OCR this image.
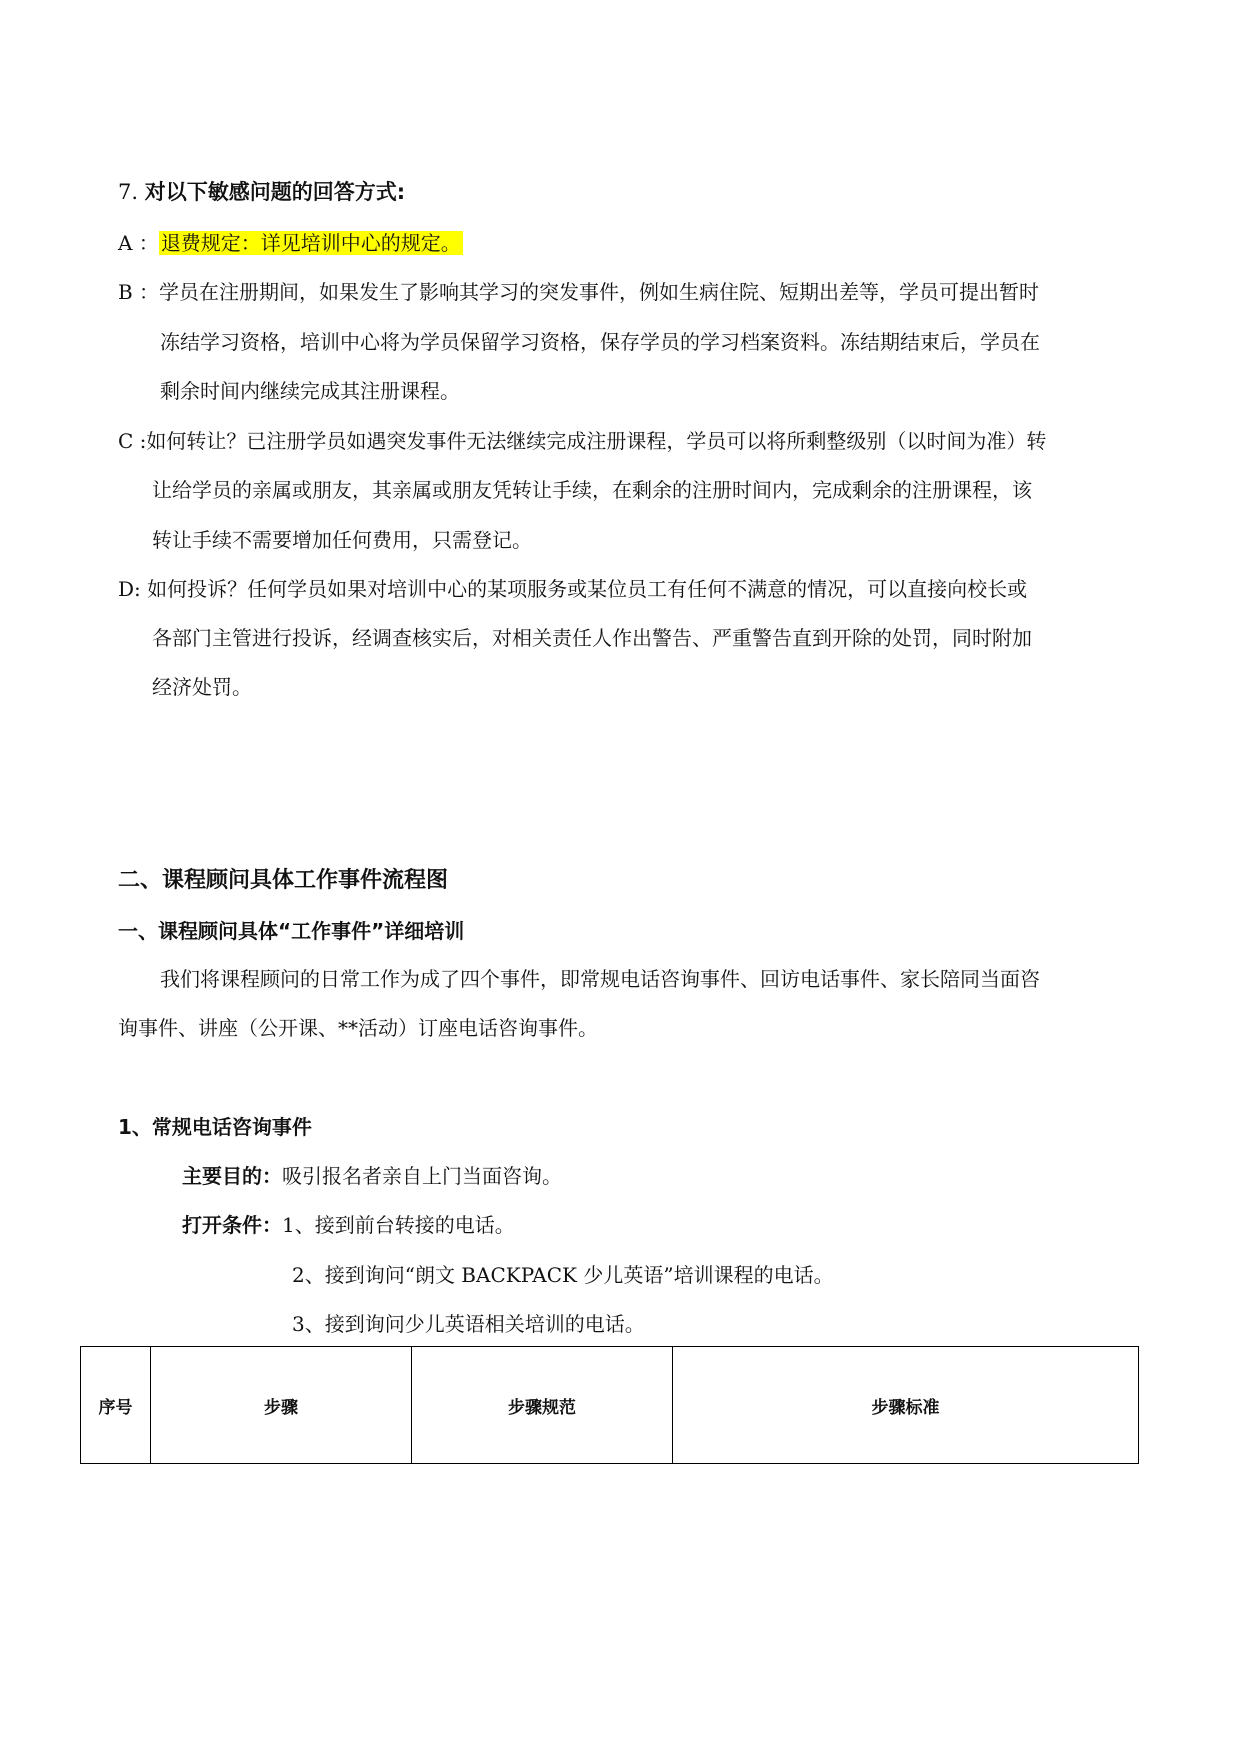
7. 对以下敏感问题的回答方式:
A ： 退费规定：详见培训中心的规定。
B ：学员在注册期间，如果发生了影响其学习的突发事件，例如生病住院、短期出差等，学员可提出暂时
冻结学习资格，培训中心将为学员保留学习资格，保存学员的学习档案资料。冻结期结束后，学员在
剩余时间内继续完成其注册课程。
C :如何转让？已注册学员如遇突发事件无法继续完成注册课程，学员可以将所剩整级别（以时间为准）转
让给学员的亲属或朋友，其亲属或朋友凭转让手续，在剩余的注册时间内，完成剩余的注册课程，该
转让手续不需要增加任何费用，只需登记。
D: 如何投诉？任何学员如果对培训中心的某项服务或某位员工有任何不满意的情况，可以直接向校长或
各部门主管进行投诉，经调查核实后，对相关责任人作出警告、严重警告直到开除的处罚，同时附加
经济处罚。
二、课程顾问具体工作事件流程图
一、课程顾问具体“工作事件”详细培训
我们将课程顾问的日常工作为成了四个事件，即常规电话咨询事件、回访电话事件、家长陪同当面咨
询事件、讲座（公开课、**活动）订座电话咨询事件。
1、常规电话咨询事件
主要目的：吸引报名者亲自上门当面咨询。
打开条件：1、接到前台转接的电话。
2、接到询问“朗文 BACKPACK 少儿英语”培训课程的电话。
3、接到询问少儿英语相关培训的电话。
序号	步骤	步骤规范	步骤标准
